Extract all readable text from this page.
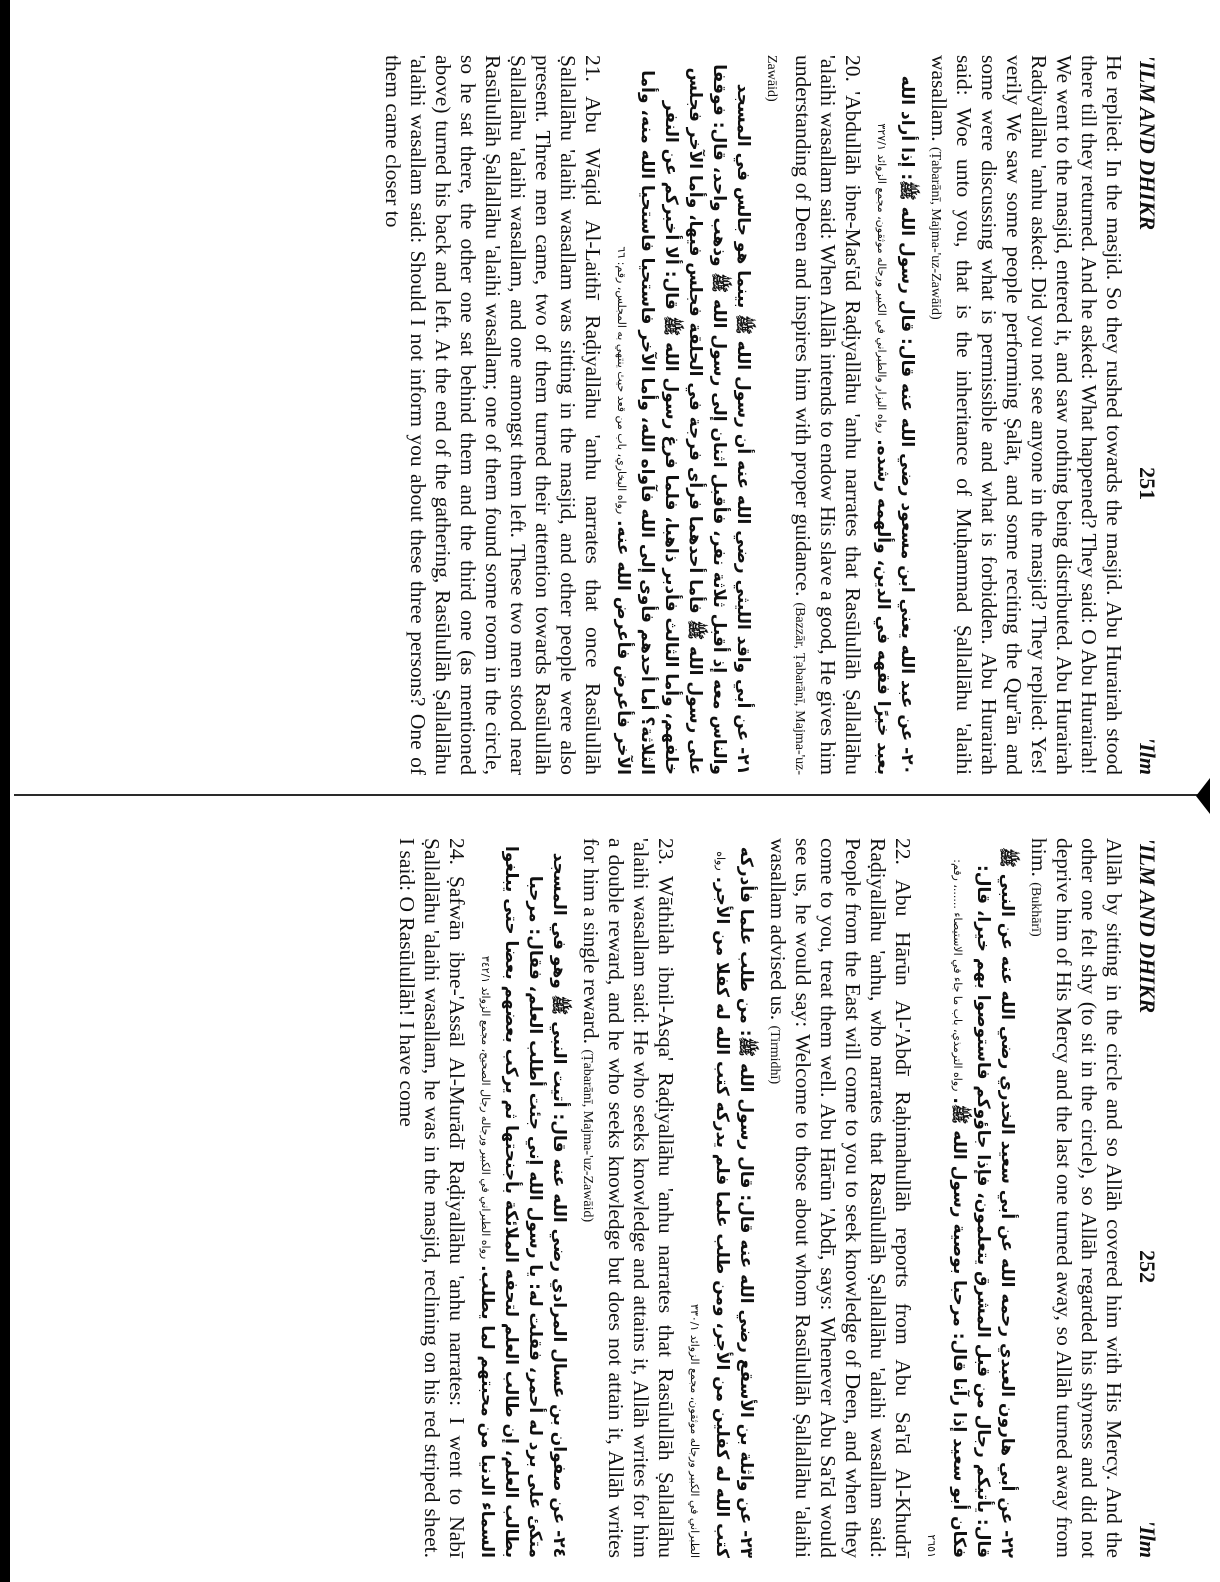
'ILM AND DHIKR
251
'Ilm

He replied: In the masjid. So they rushed towards the masjid. Abu Hurairah stood there till they returned. And he asked: What happened? They said: O Abu Hurairah! We went to the masjid, entered it, and saw nothing being distributed. Abu Hurairah Radiyallāhu 'anhu asked: Did you not see anyone in the masjid? They replied: Yes! verily We saw some people performing Ṣalāt, and some reciting the Qur'ān and some were discussing what is permissible and what is forbidden. Abu Hurairah said: Woe unto you, that is the inheritance of Muḥammad Ṣallallāhu 'alaihi wasallam. (Ṭabarānī, Majma-'uz-Zawāid)

٢٠- عن عبد الله يعني ابن مسعود رضي الله عنه قال: قال رسول الله ﷺ: إذا أراد الله بعبد خيرًا فقهه في الدين، وألهمه رشده. رواه البزار والطبراني في الكبير ورجاله موثقون، مجمع الزوائد ٣٢٧/١

20. 'Abdullāh ibne-Mas'ūd Raḍiyallāhu 'anhu narrates that Rasūlullāh Ṣallallāhu 'alaihi wasallam said: When Allāh intends to endow His slave a good, He gives him understanding of Deen and inspires him with proper guidance. (Bazzār, Ṭabarānī, Majma-'uz-Zawāid)

٢١- عن أبي واقد الليثي رضي الله عنه أن رسول الله ﷺ بينما هو جالس في المسجد والناس معه إذ أقبل ثلاثة نفر، فأقبل اثنان إلى رسول الله ﷺ وذهب واحد، قال: فوقفا على رسول الله ﷺ فأما أحدهما فرأى فرجة في الحلقة فجلس فيها، وأما الآخر فجلس خلفهم، وأما الثالث فأدبر ذاهبا، فلما فرغ رسول الله ﷺ قال: ألا أخبركم عن النفر الثلاثة؟ أما أحدهم فأوى إلى الله فآواه الله، وأما الآخر فاستحيا فاستحيا الله منه، وأما الآخر فأعرض فأعرض الله عنه. رواه البخاري، باب من قعد حيث ينتهي به المجلس، رقم: ٦٦

21. Abu Wāqid Al-Laithī Raḍiyallāhu 'anhu narrates that once Rasūlullāh Ṣallallāhu 'alaihi wasallam was sitting in the masjid, and other people were also present. Three men came, two of them turned their attention towards Rasūlullāh Ṣallallāhu 'alaihi wasallam, and one amongst them left. These two men stood near Rasūlullāh Ṣallallāhu 'alaihi wasallam; one of them found some room in the circle, so he sat there, the other one sat behind them and the third one (as mentioned above) turned his back and left. At the end of the gathering, Rasūlullāh Ṣallallāhu 'alaihi wasallam said: Should I not inform you about these three persons? One of them came closer to

'ILM AND DHIKR
252
'Ilm

Allāh by sitting in the circle and so Allāh covered him with His Mercy. And the other one felt shy (to sit in the circle), so Allāh regarded his shyness and did not deprive him of His Mercy and the last one turned away, so Allāh turned away from him. (Bukhārī)

٢٢- عن أبي هارون العبدي رحمه الله عن أبي سعيد الخدري رضي الله عنه عن النبي ﷺ قال: يأتيكم رجال من قبل المشرق يتعلمون، فإذا جاؤوكم فاستوصوا بهم خيرا، قال: فكان أبو سعيد إذا رآنا قال: مرحبا بوصية رسول الله ﷺ. رواه الترمذي، باب ما جاء في الاستيصاء ......، رقم: ٢٦٥١

22. Abu Hārūn Al-'Abdī Raḥimahullāh reports from Abu Sa'īd Al-Khudrī Raḍiyallāhu 'anhu, who narrates that Rasūlullāh Ṣallallāhu 'alaihi wasallam said: People from the East will come to you to seek knowledge of Deen, and when they come to you, treat them well. Abu Hārūn 'Abdī, says: Whenever Abu Sa'īd would see us, he would say: Welcome to those about whom Rasūlullāh Ṣallallāhu 'alaihi wasallam advised us. (Tirmidhī)

٢٣- عن واثلة بن الأسقع رضي الله عنه قال: قال رسول الله ﷺ: من طلب علما فأدركه كتب الله له كفلين من الأجر، ومن طلب علما فلم يدركه كتب الله له كفلا من الأجر. رواه الطبراني في الكبير ورجاله موثقون، مجمع الزوائد ٣٣٠/١

23. Wāthilah ibnil-Asqa' Raḍiyallāhu 'anhu narrates that Rasūlullāh Ṣallallāhu 'alaihi wasallam said: He who seeks knowledge and attains it, Allāh writes for him a double reward, and he who seeks knowledge but does not attain it, Allāh writes for him a single reward. (Ṭabarānī, Majma-'uz-Zawāid)

٢٤- عن صفوان بن عسال المرادي رضي الله عنه قال: أتيت النبي ﷺ وهو في المسجد متكئ على برد له أحمر، فقلت له: يا رسول الله إني جئت أطلب العلم، فقال: مرحبا بطالب العلم، إن طالب العلم لتحفه الملائكة بأجنحتها ثم يركب بعضهم بعضا حتى يبلغوا السماء الدنيا من محبتهم لما يطلب. رواه الطبراني في الكبير ورجاله رجال الصحيح، مجمع الزوائد ٣٤٢/١

24. Ṣafwān ibne-'Assāl Al-Murādī Raḍiyallāhu 'anhu narrates: I went to Nabī Ṣallallāhu 'alaihi wasallam, he was in the masjid, reclining on his red striped sheet. I said: O Rasūlullāh! I have come
